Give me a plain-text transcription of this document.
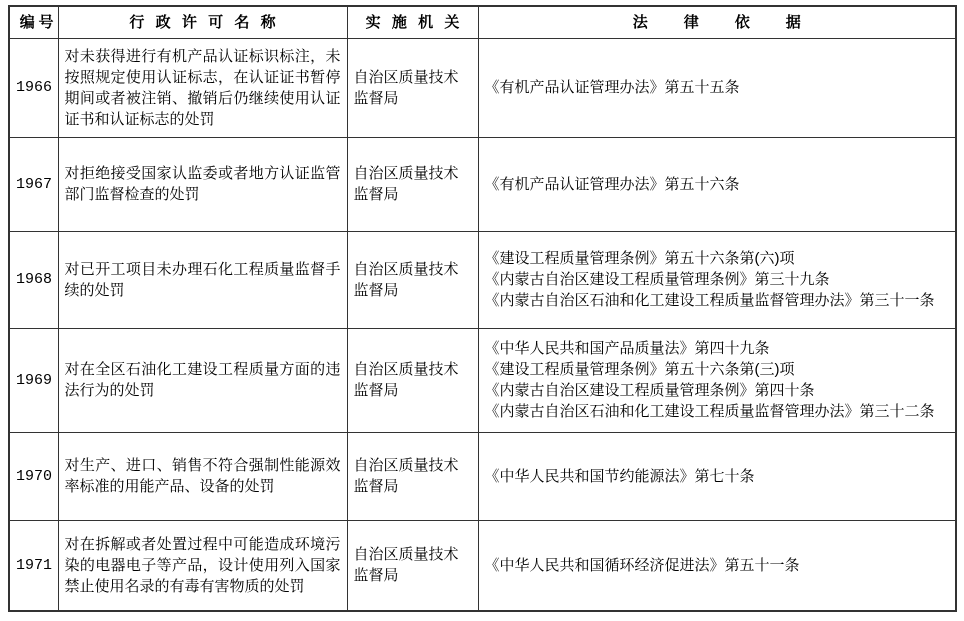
编号	行政许可名称	实施机关	法律依据
1966	对未获得进行有机产品认证标识标注，未按照规定使用认证标志，在认证证书暂停期间或者被注销、撤销后仍继续使用认证证书和认证标志的处罚	自治区质量技术监督局	《有机产品认证管理办法》第五十五条

1967	对拒绝接受国家认监委或者地方认证监管部门监督检查的处罚	自治区质量技术监督局	《有机产品认证管理办法》第五十六条

1968	对已开工项目未办理石化工程质量监督手续的处罚	自治区质量技术监督局	《建设工程质量管理条例》第五十六条第(六)项
《内蒙古自治区建设工程质量管理条例》第三十九条
《内蒙古自治区石油和化工建设工程质量监督管理办法》第三十一条

1969	对在全区石油化工建设工程质量方面的违法行为的处罚	自治区质量技术监督局	《中华人民共和国产品质量法》第四十九条
《建设工程质量管理条例》第五十六条第(三)项
《内蒙古自治区建设工程质量管理条例》第四十条
《内蒙古自治区石油和化工建设工程质量监督管理办法》第三十二条

1970	对生产、进口、销售不符合强制性能源效率标准的用能产品、设备的处罚	自治区质量技术监督局	《中华人民共和国节约能源法》第七十条

1971	对在拆解或者处置过程中可能造成环境污染的电器电子等产品，设计使用列入国家禁止使用名录的有毒有害物质的处罚	自治区质量技术监督局	《中华人民共和国循环经济促进法》第五十一条
